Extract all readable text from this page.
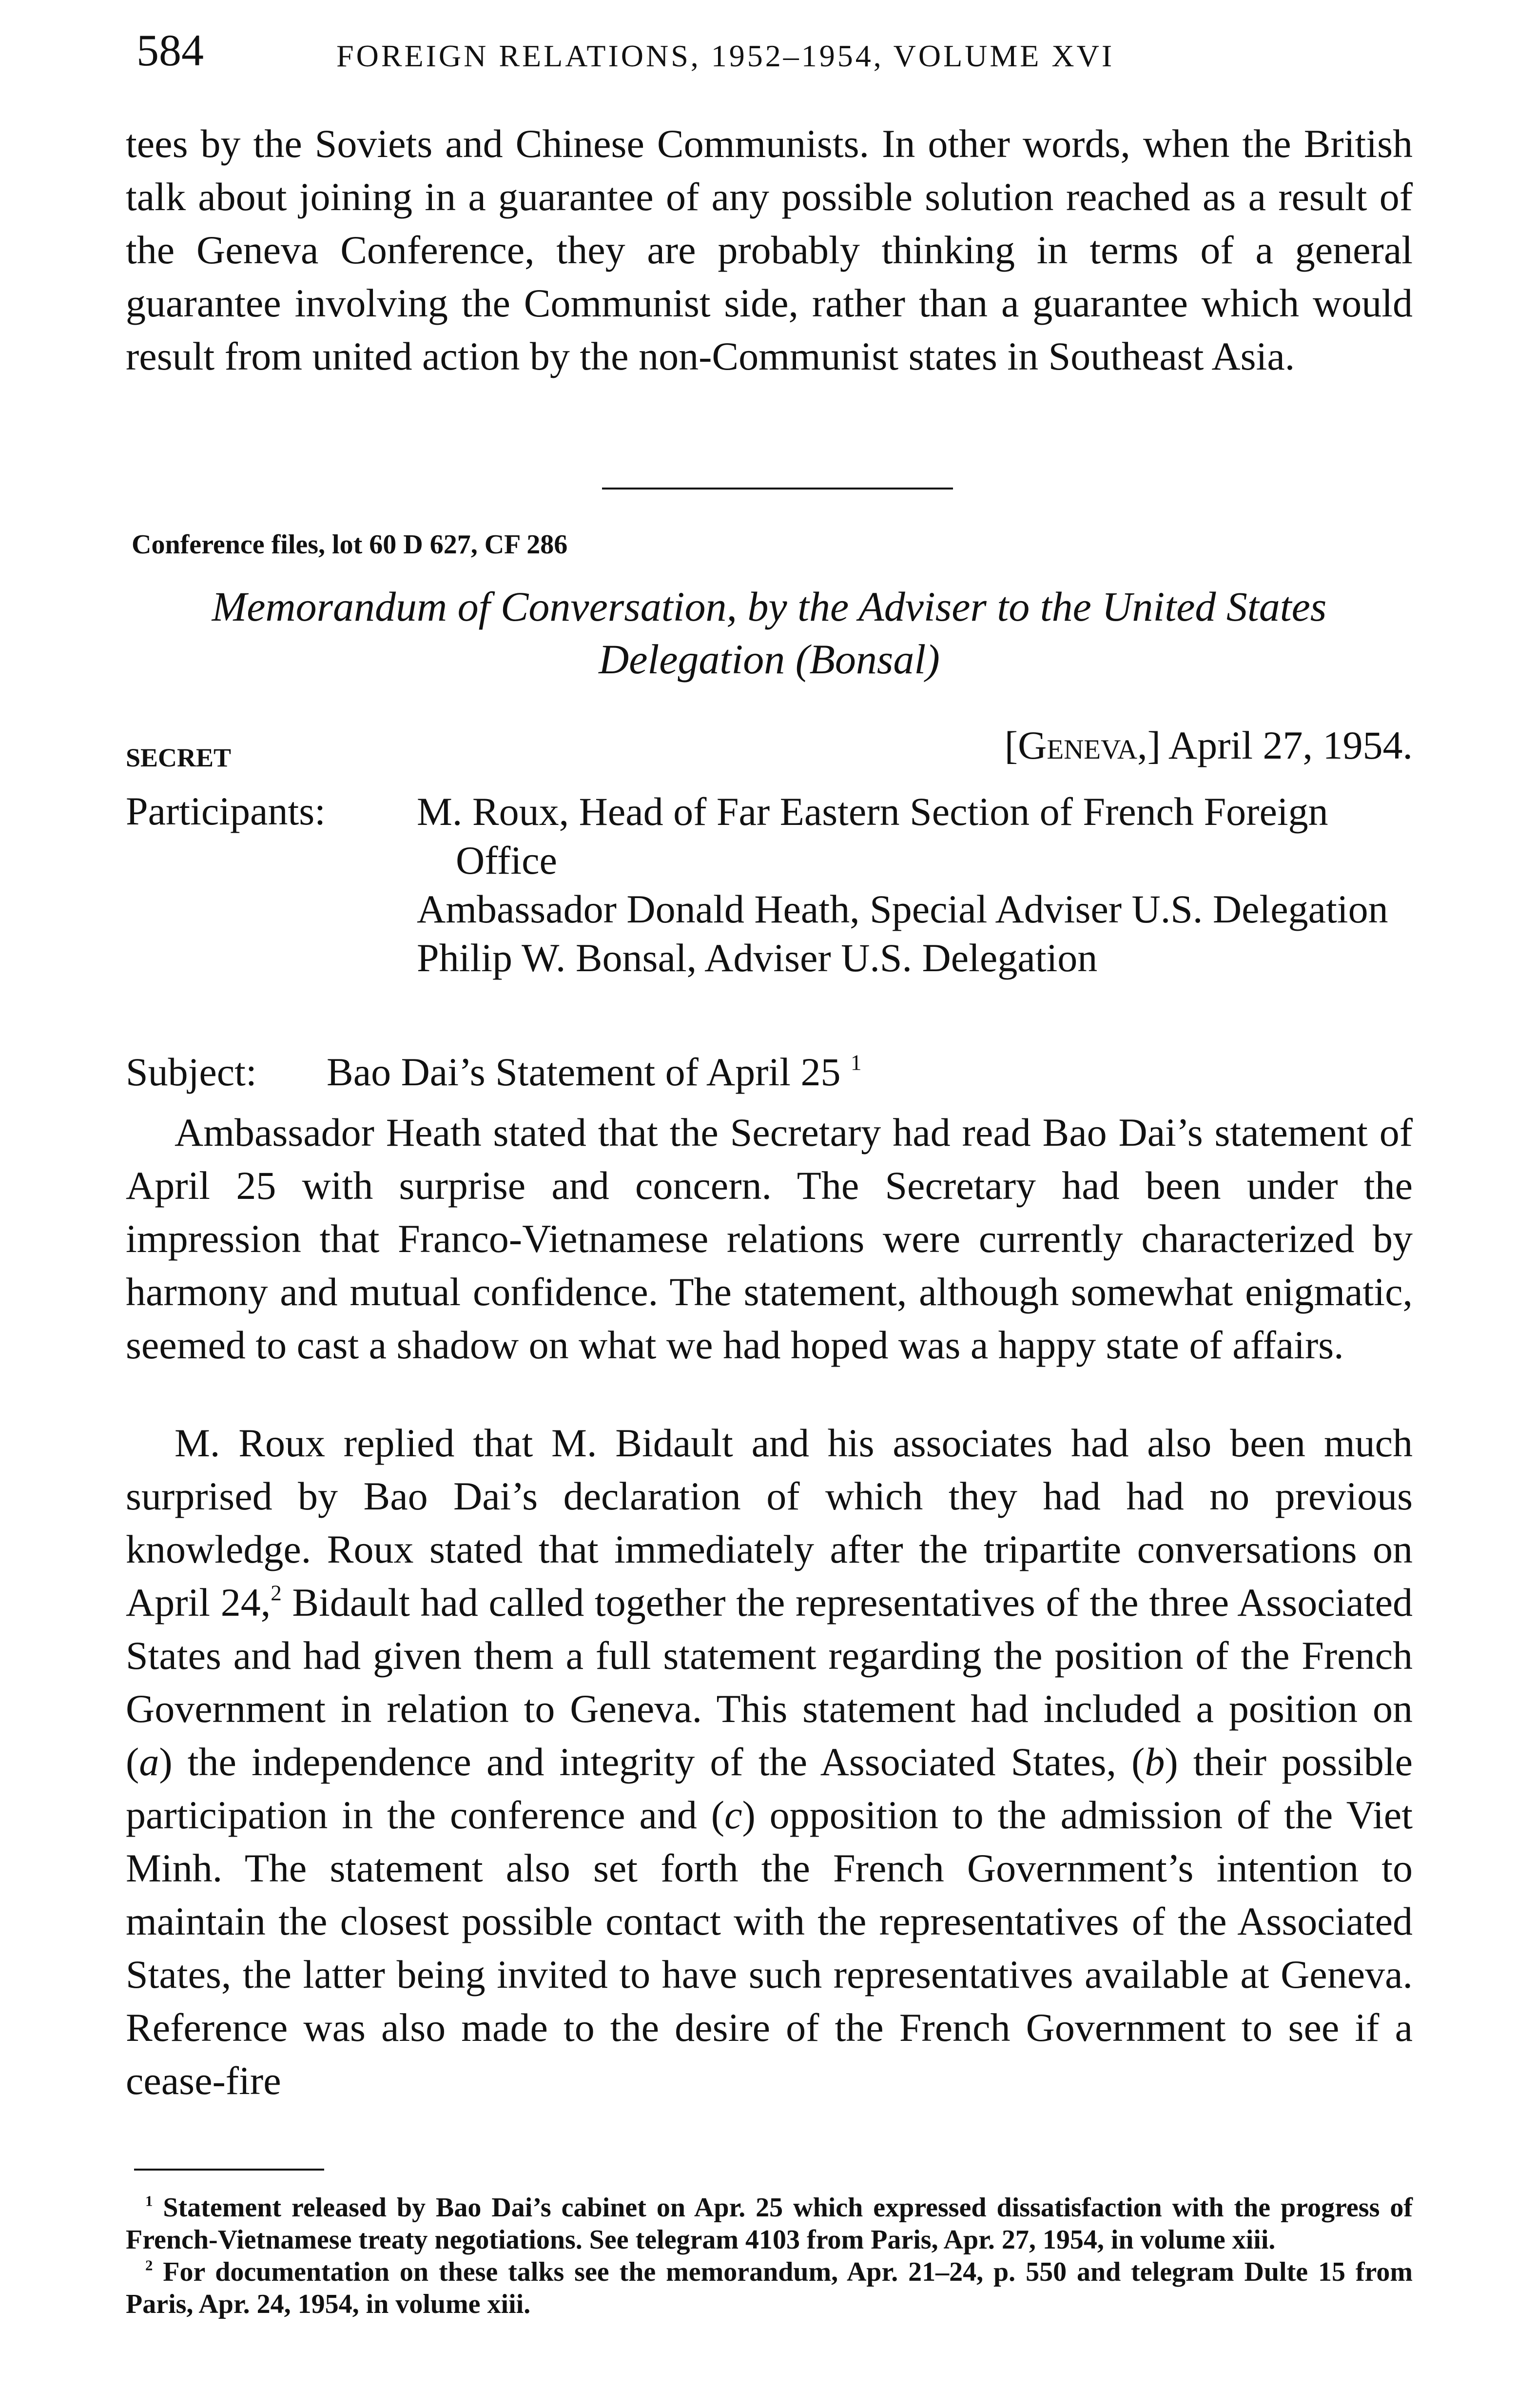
584	FOREIGN RELATIONS, 1952–1954, VOLUME XVI

tees by the Soviets and Chinese Communists. In other words, when the British talk about joining in a guarantee of any possible solution reached as a result of the Geneva Conference, they are probably thinking in terms of a general guarantee involving the Communist side, rather than a guarantee which would result from united action by the non-Communist states in Southeast Asia.

Conference files, lot 60 D 627, CF 286

Memorandum of Conversation, by the Adviser to the United States Delegation (Bonsal)

SECRET	[Geneva,] April 27, 1954.
Participants: M. Roux, Head of Far Eastern Section of French Foreign Office
Ambassador Donald Heath, Special Adviser U.S. Delegation
Philip W. Bonsal, Adviser U.S. Delegation
Subject: Bao Dai’s Statement of April 25 $^1$

Ambassador Heath stated that the Secretary had read Bao Dai’s statement of April 25 with surprise and concern. The Secretary had been under the impression that Franco-Vietnamese relations were currently characterized by harmony and mutual confidence. The statement, although somewhat enigmatic, seemed to cast a shadow on what we had hoped was a happy state of affairs.

M. Roux replied that M. Bidault and his associates had also been much surprised by Bao Dai’s declaration of which they had had no previous knowledge. Roux stated that immediately after the tripartite conversations on April 24,$^2$ Bidault had called together the representatives of the three Associated States and had given them a full statement regarding the position of the French Government in relation to Geneva. This statement had included a position on (a) the independence and integrity of the Associated States, (b) their possible participation in the conference and (c) opposition to the admission of the Viet Minh. The statement also set forth the French Government’s intention to maintain the closest possible contact with the representatives of the Associated States, the latter being invited to have such representatives available at Geneva. Reference was also made to the desire of the French Government to see if a cease-fire

$^1$ Statement released by Bao Dai’s cabinet on Apr. 25 which expressed dissatisfaction with the progress of French-Vietnamese treaty negotiations. See telegram 4103 from Paris, Apr. 27, 1954, in volume xiii.

$^2$ For documentation on these talks see the memorandum, Apr. 21–24, p. 550 and telegram Dulte 15 from Paris, Apr. 24, 1954, in volume xiii.
